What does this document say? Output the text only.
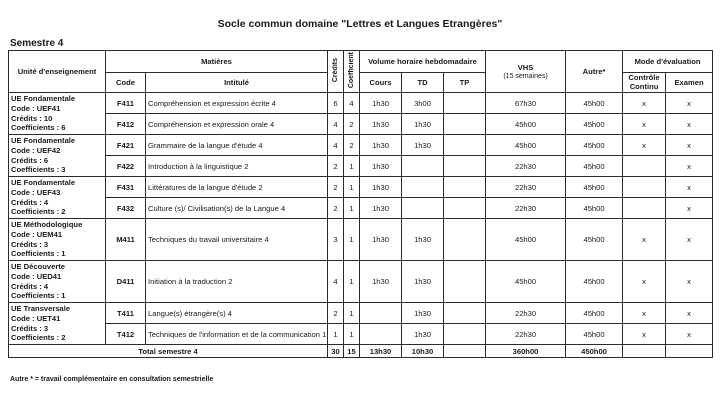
Socle commun domaine "Lettres et Langues Etrangères"
Semestre 4
Unité d'enseignement	Matières		Crédits	Coefficient	Volume horaire hebdomadaire			VHS
(15 semaines)	Autre*	Mode d'évaluation	
	Code	Intitulé			Cours	TD	TP			Contrôle Continu	Examen

UE Fondamentale
Code : UEF41
Crédits : 10
Coefficients : 6	F411	Compréhension et expression écrite 4	6	4	1h30	3h00		67h30	45h00	x	x
	F412	Compréhension et expression orale 4	4	2	1h30	1h30		45h00	45h00	x	x

UE Fondamentale
Code : UEF42
Crédits : 6
Coefficients : 3	F421	Grammaire de la langue d'étude 4	4	2	1h30	1h30		45h00	45h00	x	x
	F422	Introduction à la linguistique 2	2	1	1h30			22h30	45h00		x

UE Fondamentale
Code : UEF43
Crédits : 4
Coefficients : 2	F431	Littératures de la langue d'étude 2	2	1	1h30			22h30	45h00		x
	F432	Culture (s)/ Civilisation(s) de la Langue 4	2	1	1h30			22h30	45h00		x

UE Méthodologique
Code : UEM41
Crédits : 3
Coefficients : 1	M411	Techniques du travail universitaire 4	3	1	1h30	1h30		45h00	45h00	x	x

UE Découverte
Code : UED41
Crédits : 4
Coefficients : 1	D411	Initiation à la traduction 2	4	1	1h30	1h30		45h00	45h00	x	x

UE Transversale
Code : UET41
Crédits : 3
Coefficients : 2	T411	Langue(s) étrangère(s) 4	2	1		1h30		22h30	45h00	x	x
	T412	Techniques de l'information et de la communication 1	1	1		1h30		22h30	45h00	x	x
Total semestre 4			30	15	13h30	10h30		360h00	450h00		
Autre * = travail complémentaire en consultation semestrielle
